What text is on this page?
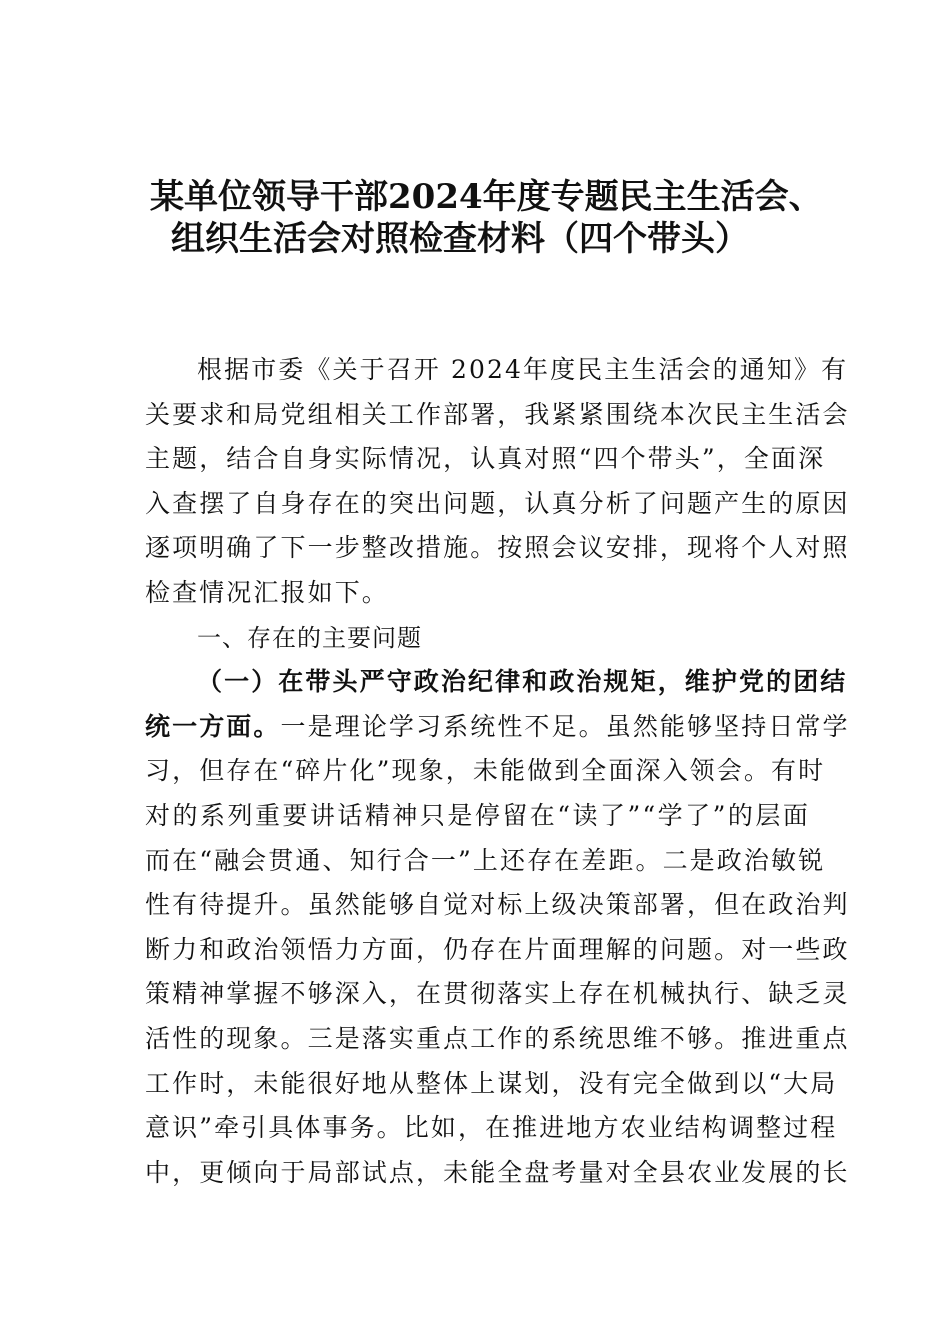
某单位领导干部2024年度专题民主生活会、
组织生活会对照检查材料（四个带头）
根据市委《关于召开 2024年度民主生活会的通知》有
关要求和局党组相关工作部署，我紧紧围绕本次民主生活会
主题，结合自身实际情况，认真对照“四个带头”，全面深
入查摆了自身存在的突出问题，认真分析了问题产生的原因
逐项明确了下一步整改措施。按照会议安排，现将个人对照
检查情况汇报如下。
一、存在的主要问题
（一）在带头严守政治纪律和政治规矩，维护党的团结
统一方面。一是理论学习系统性不足。虽然能够坚持日常学
习，但存在“碎片化”现象，未能做到全面深入领会。有时
对的系列重要讲话精神只是停留在“读了”“学了”的层面
而在“融会贯通、知行合一”上还存在差距。二是政治敏锐
性有待提升。虽然能够自觉对标上级决策部署，但在政治判
断力和政治领悟力方面，仍存在片面理解的问题。对一些政
策精神掌握不够深入，在贯彻落实上存在机械执行、缺乏灵
活性的现象。三是落实重点工作的系统思维不够。推进重点
工作时，未能很好地从整体上谋划，没有完全做到以“大局
意识”牵引具体事务。比如，在推进地方农业结构调整过程
中，更倾向于局部试点，未能全盘考量对全县农业发展的长
